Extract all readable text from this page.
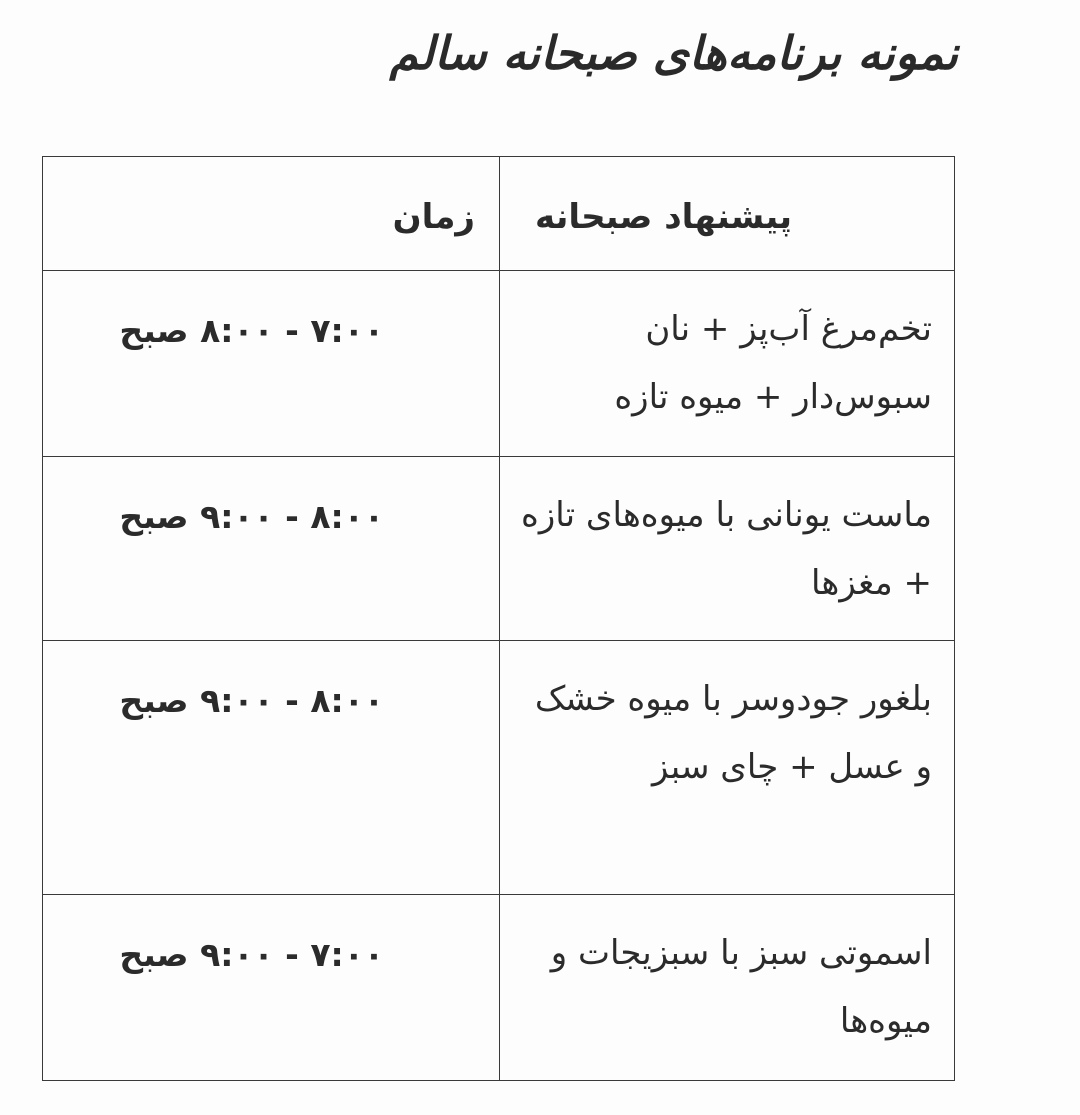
نمونه برنامه‌های صبحانه سالم
پیشنهاد صبحانه	زمان
تخم‌مرغ آب‌پز + نان سبوس‌دار + میوه تازه	۷:۰۰ - ۸:۰۰ صبح
ماست یونانی با میوه‌های تازه + مغزها	۸:۰۰ - ۹:۰۰ صبح
بلغور جودوسر با میوه خشک و عسل + چای سبز	۸:۰۰ - ۹:۰۰ صبح
اسموتی سبز با سبزیجات و میوه‌ها	۷:۰۰ - ۹:۰۰ صبح
